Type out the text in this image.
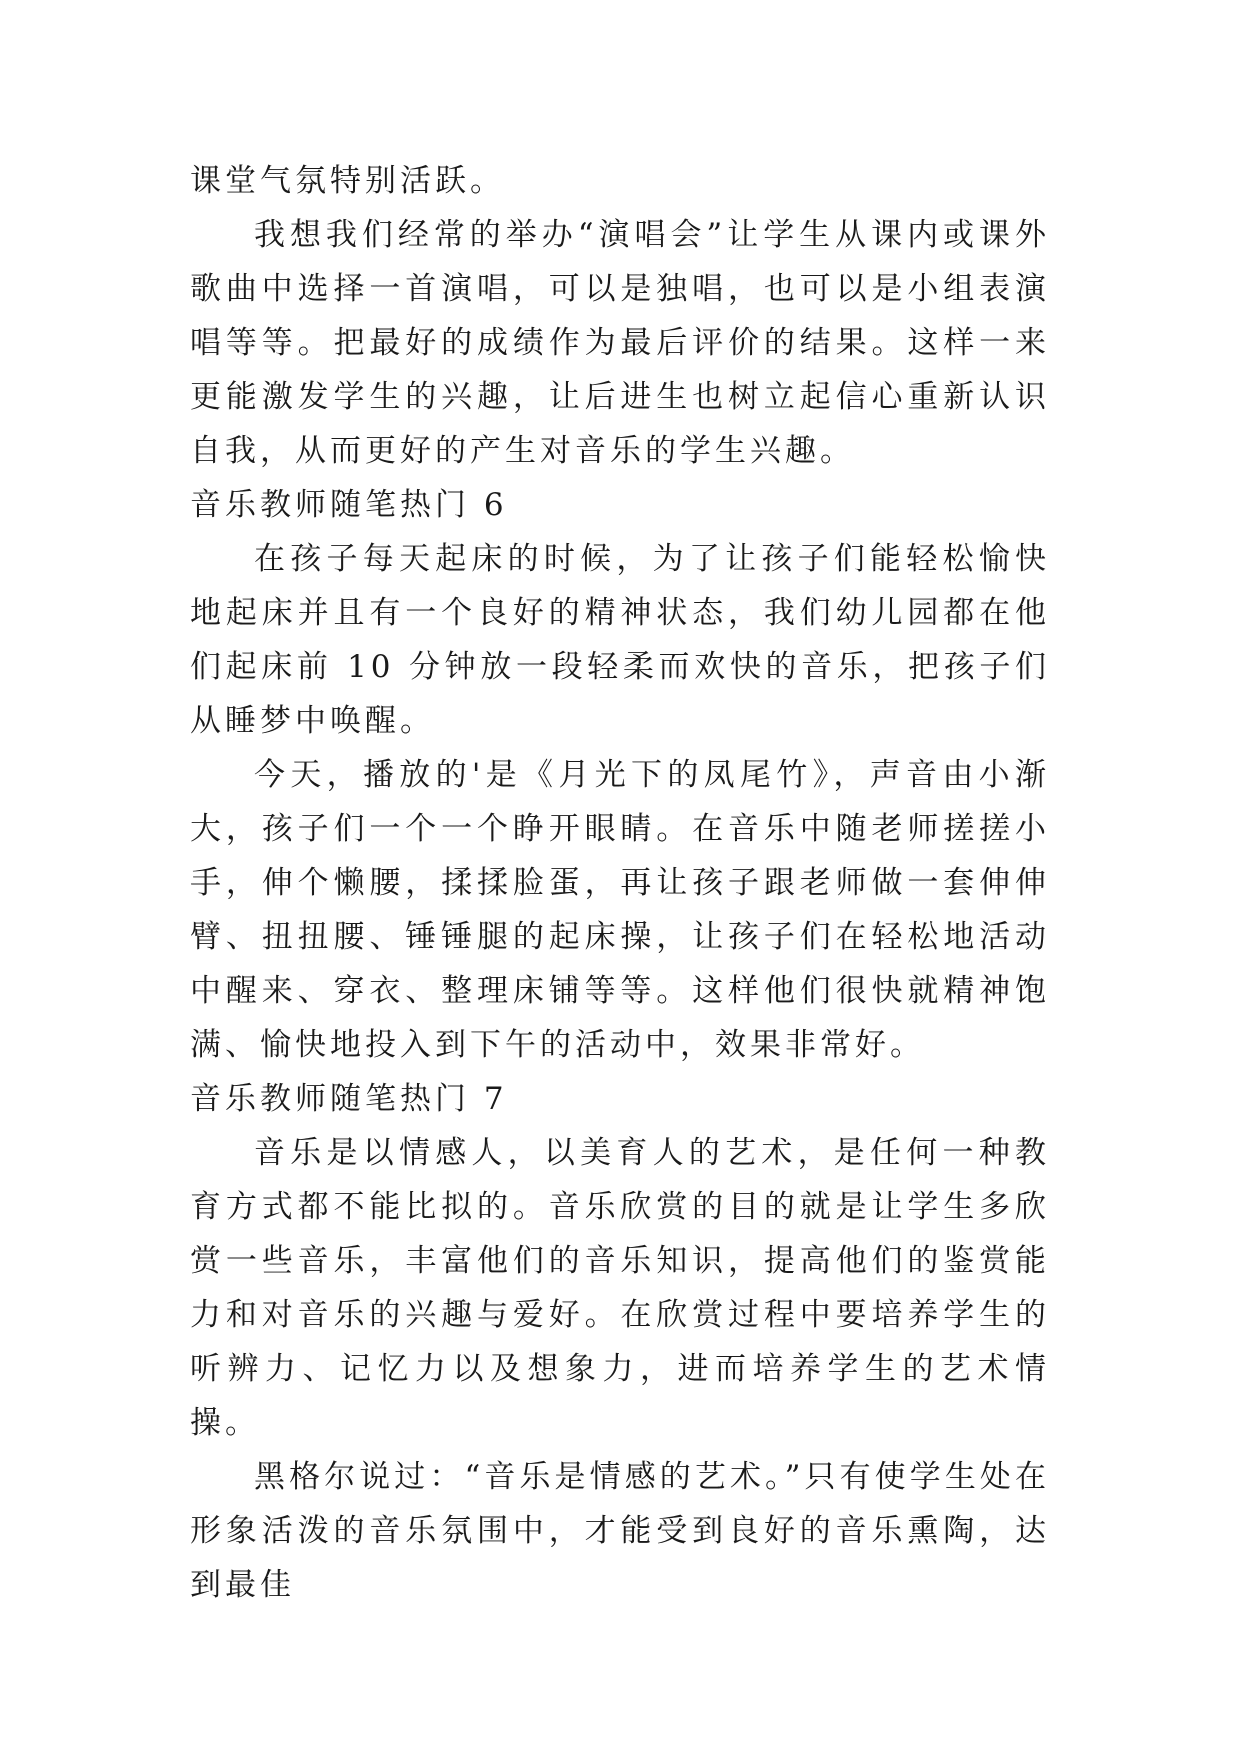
课堂气氛特别活跃。

我想我们经常的举办“演唱会”让学生从课内或课外歌曲中选择一首演唱，可以是独唱，也可以是小组表演唱等等。把最好的成绩作为最后评价的结果。这样一来更能激发学生的兴趣，让后进生也树立起信心重新认识自我，从而更好的产生对音乐的学生兴趣。

音乐教师随笔热门 6

在孩子每天起床的时候，为了让孩子们能轻松愉快地起床并且有一个良好的精神状态，我们幼儿园都在他们起床前 10 分钟放一段轻柔而欢快的音乐，把孩子们从睡梦中唤醒。

今天，播放的'是《月光下的凤尾竹》，声音由小渐大，孩子们一个一个睁开眼睛。在音乐中随老师搓搓小手，伸个懒腰，揉揉脸蛋，再让孩子跟老师做一套伸伸臂、扭扭腰、锤锤腿的起床操，让孩子们在轻松地活动中醒来、穿衣、整理床铺等等。这样他们很快就精神饱满、愉快地投入到下午的活动中，效果非常好。

音乐教师随笔热门 7

音乐是以情感人，以美育人的艺术，是任何一种教育方式都不能比拟的。音乐欣赏的目的就是让学生多欣赏一些音乐，丰富他们的音乐知识，提高他们的鉴赏能力和对音乐的兴趣与爱好。在欣赏过程中要培养学生的听辨力、记忆力以及想象力，进而培养学生的艺术情操。

黑格尔说过：“音乐是情感的艺术。”只有使学生处在形象活泼的音乐氛围中，才能受到良好的音乐熏陶，达到最佳
